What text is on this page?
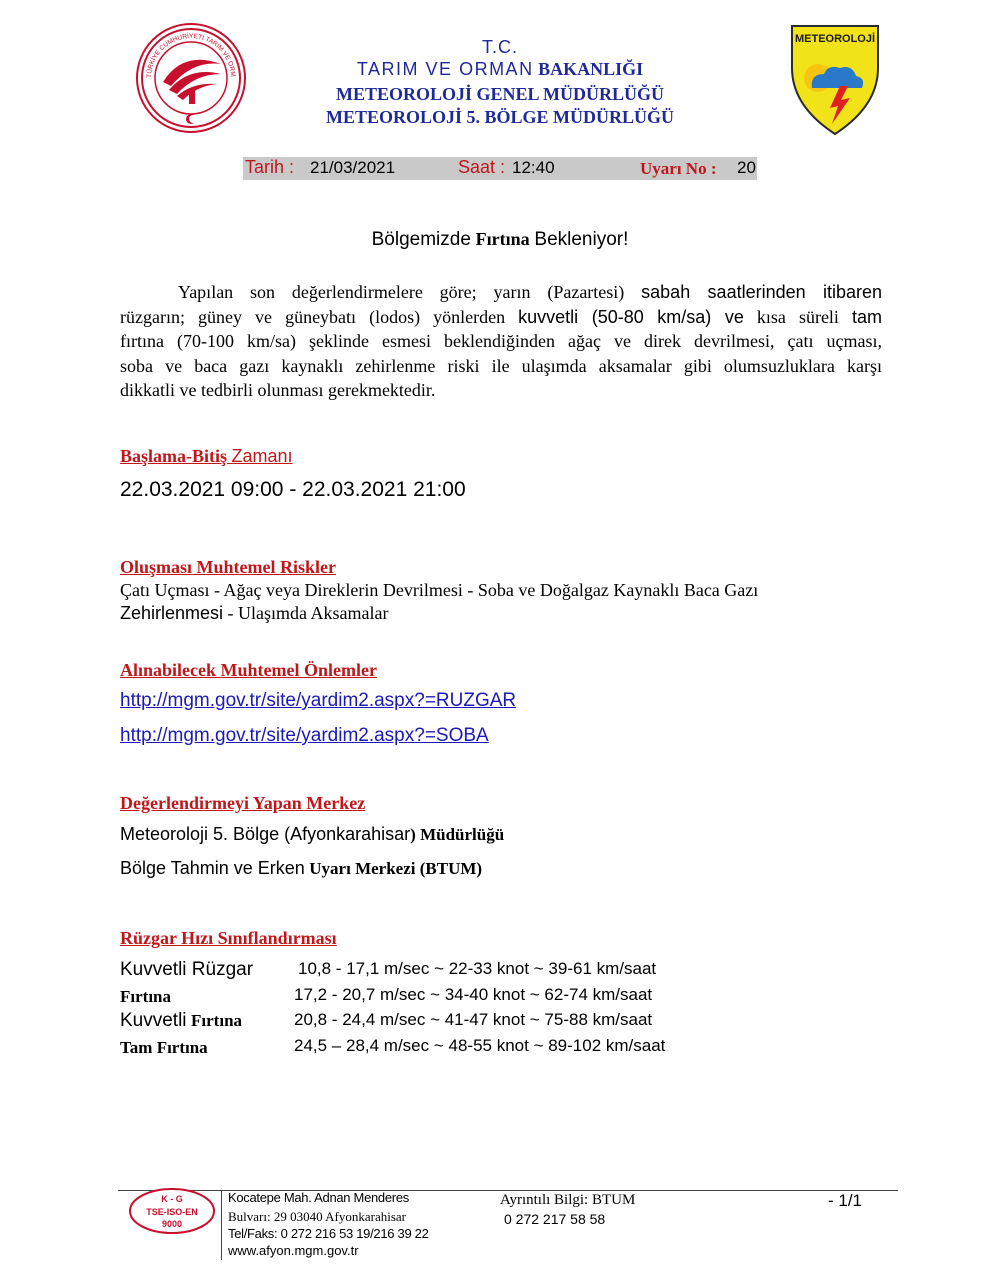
TÜRKİYE CUMHURİYETİ TARIM VE ORM
T.C.
TARIM VE ORMAN BAKANLIĞI
METEOROLOJİ GENEL MÜDÜRLÜĞÜ
METEOROLOJİ 5. BÖLGE MÜDÜRLÜĞÜ
METEOROLOJİ
Tarih : 21/03/2021	Saat : 12:40	Uyarı No : 20
Bölgemizde Fırtına Bekleniyor!
Yapılan son değerlendirmelere göre; yarın (Pazartesi) sabah saatlerinden itibaren
rüzgarın; güney ve güneybatı (lodos) yönlerden kuvvetli (50-80 km/sa) ve kısa süreli tam
fırtına (70-100 km/sa) şeklinde esmesi beklendiğinden ağaç ve direk devrilmesi, çatı uçması,
soba ve baca gazı kaynaklı zehirlenme riski ile ulaşımda aksamalar gibi olumsuzluklara karşı
dikkatli ve tedbirli olunması gerekmektedir.
Başlama-Bitiş Zamanı
22.03.2021 09:00 - 22.03.2021 21:00
Oluşması Muhtemel Riskler
Çatı Uçması - Ağaç veya Direklerin Devrilmesi - Soba ve Doğalgaz Kaynaklı Baca Gazı
Zehirlenmesi - Ulaşımda Aksamalar
Alınabilecek Muhtemel Önlemler
http://mgm.gov.tr/site/yardim2.aspx?=RUZGAR
http://mgm.gov.tr/site/yardim2.aspx?=SOBA
Değerlendirmeyi Yapan Merkez
Meteoroloji 5. Bölge (Afyonkarahisar) Müdürlüğü
Bölge Tahmin ve Erken Uyarı Merkezi (BTUM)
Rüzgar Hızı Sınıflandırması
Kuvvetli Rüzgar	10,8 - 17,1 m/sec ~ 22-33 knot ~ 39-61 km/saat
Fırtına	17,2 - 20,7 m/sec ~ 34-40 knot ~ 62-74 km/saat
Kuvvetli Fırtına	20,8 - 24,4 m/sec ~ 41-47 knot ~ 75-88 km/saat
Tam Fırtına	24,5 – 28,4 m/sec ~ 48-55 knot ~ 89-102 km/saat
K - G
TSE-ISO-EN
9000
Kocatepe Mah. Adnan Menderes
Bulvarı: 29 03040 Afyonkarahisar
Tel/Faks: 0 272 216 53 19/216 39 22
www.afyon.mgm.gov.tr
Ayrıntılı Bilgi: BTUM
0 272 217 58 58
- 1/1
